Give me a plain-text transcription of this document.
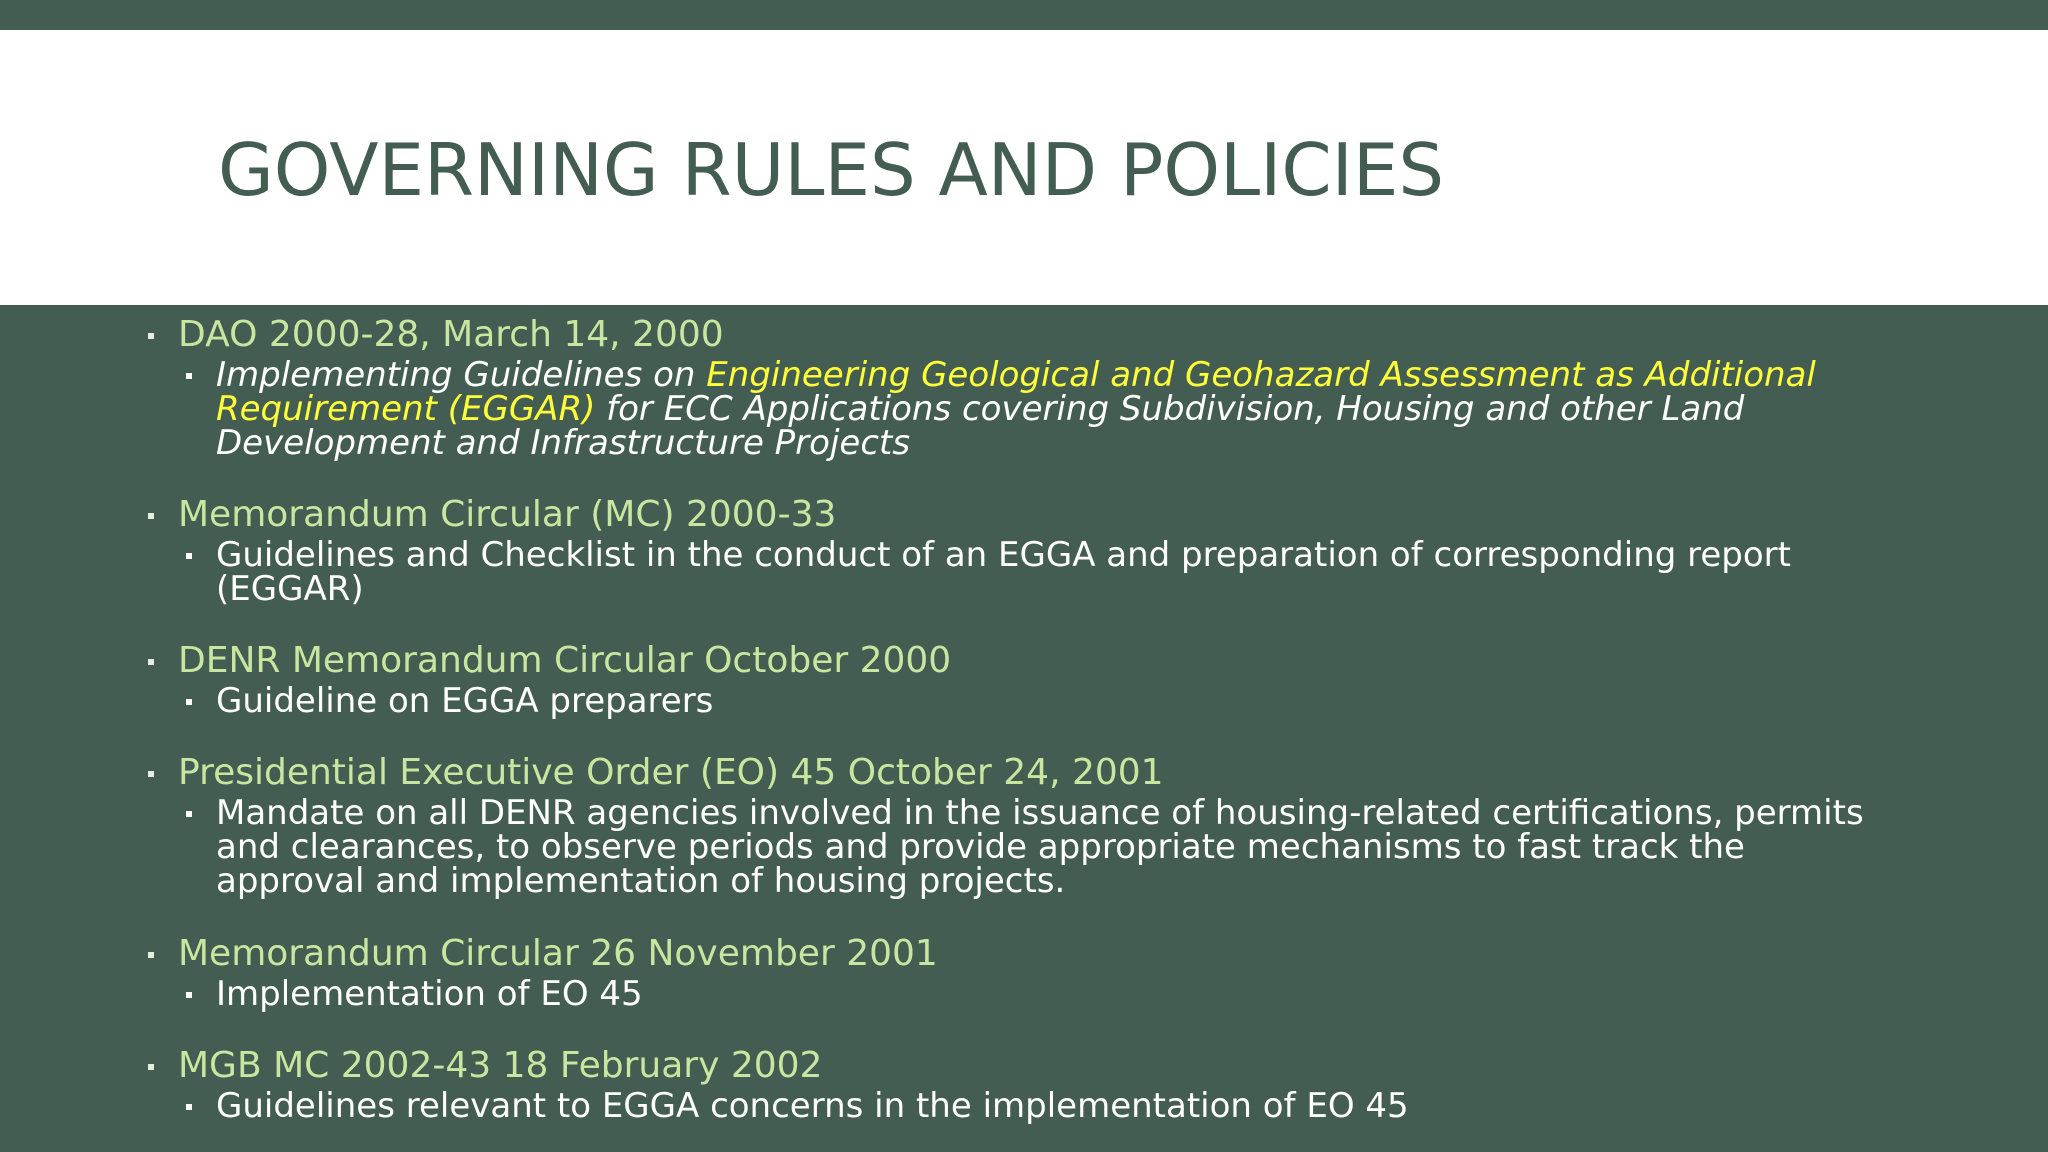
GOVERNING RULES AND POLICIES
DAO 2000-28, March 14, 2000
Implementing Guidelines on Engineering Geological and Geohazard Assessment as Additional Requirement (EGGAR) for ECC Applications covering Subdivision, Housing and other Land Development and Infrastructure Projects
Memorandum Circular (MC) 2000-33
Guidelines and Checklist in the conduct of an EGGA and preparation of corresponding report (EGGAR)
DENR Memorandum Circular October 2000
Guideline on EGGA preparers
Presidential Executive Order (EO) 45 October 24, 2001
Mandate on all DENR agencies involved in the issuance of housing-related certifications, permits and clearances, to observe periods and provide appropriate mechanisms to fast track the approval and implementation of housing projects.
Memorandum Circular 26 November 2001
Implementation of EO 45
MGB MC 2002-43 18 February 2002
Guidelines relevant to EGGA concerns in the implementation of EO 45
